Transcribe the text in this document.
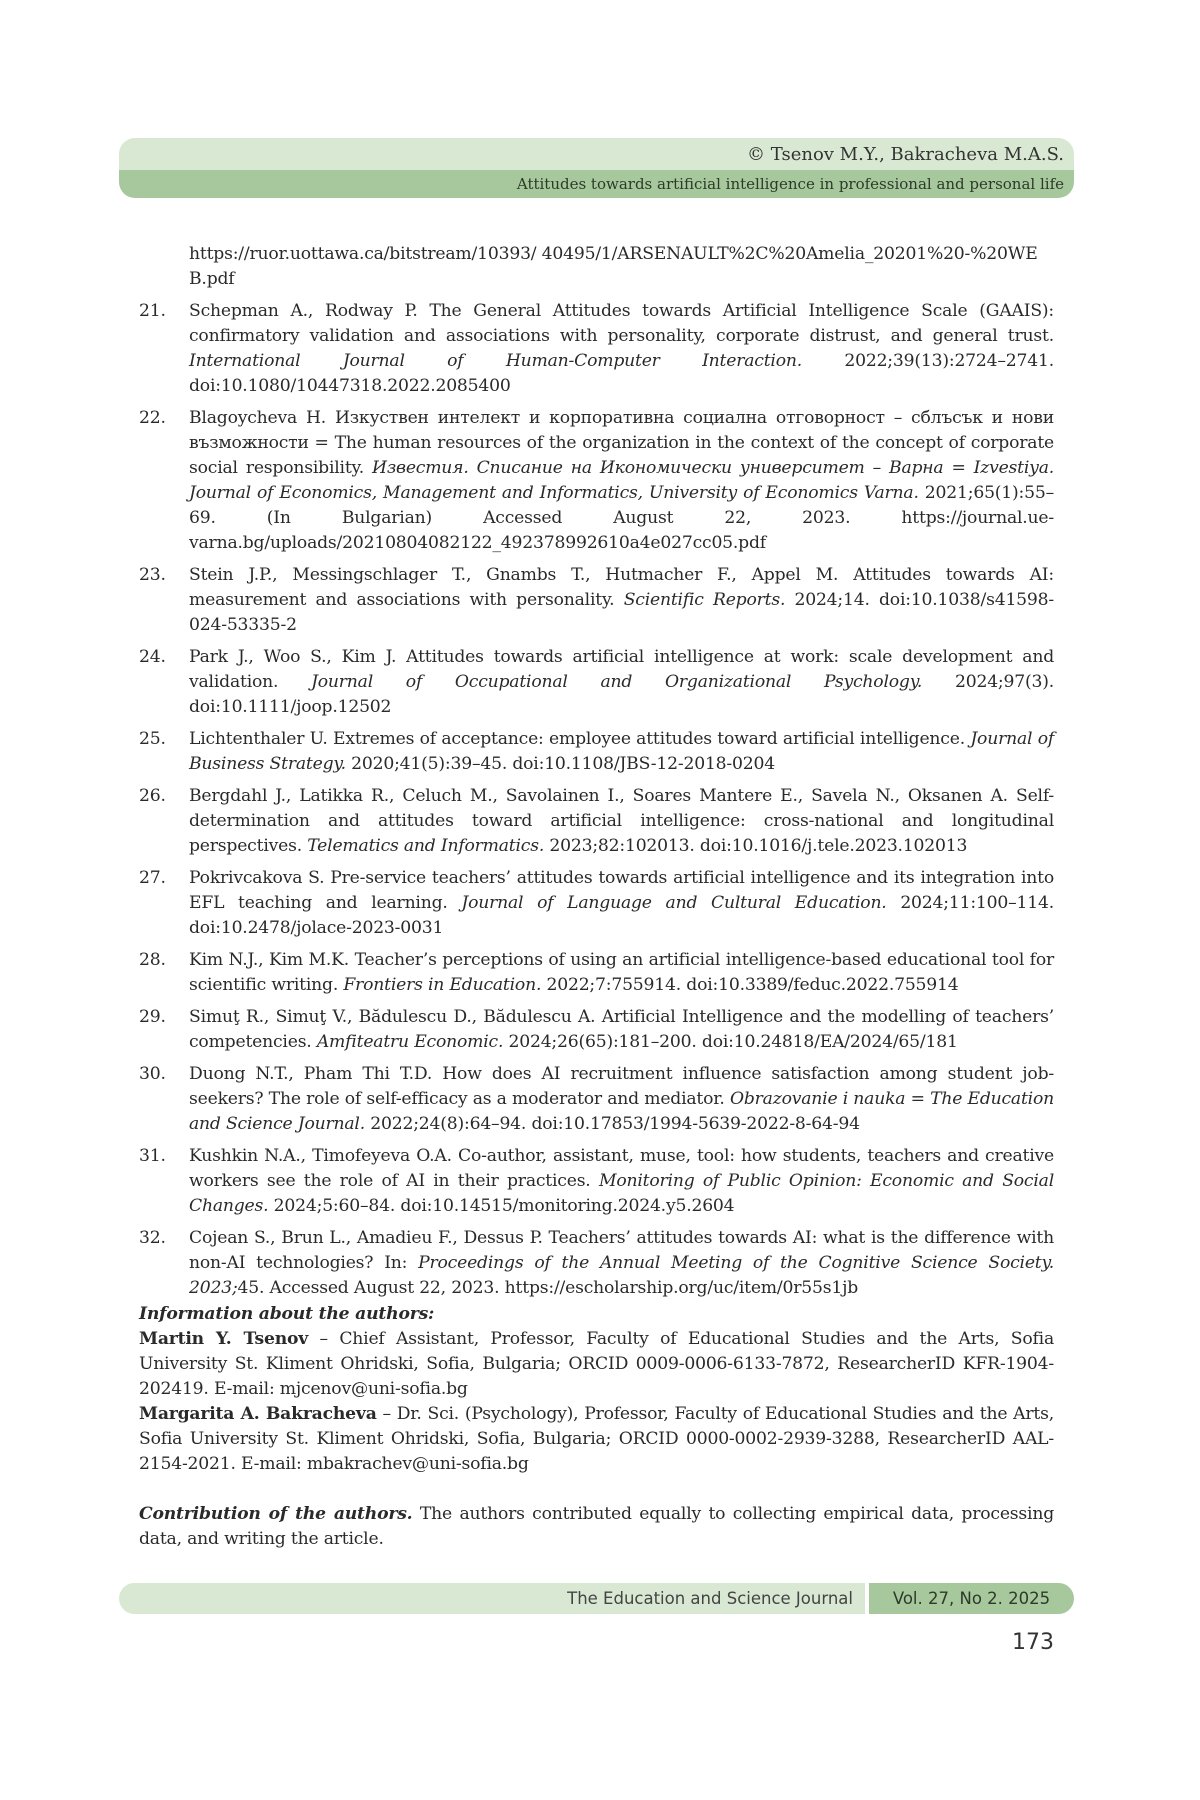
© Tsenov M.Y., Bakracheva M.A.S.
Attitudes towards artificial intelligence in professional and personal life
https://ruor.uottawa.ca/bitstream/10393/ 40495/1/ARSENAULT%2C%20Amelia_20201%20-%20WEB.pdf
21. Schepman A., Rodway P. The General Attitudes towards Artificial Intelligence Scale (GAAIS): confirmatory validation and associations with personality, corporate distrust, and general trust. International Journal of Human-Computer Interaction. 2022;39(13):2724–2741. doi:10.1080/10447318.2022.2085400
22. Blagoycheva H. Изкуствен интелект и корпоративна социална отговорност – сблъсък и нови възможности = The human resources of the organization in the context of the concept of corporate social responsibility. Известия. Списание на Икономически университет – Варна = Izvestiya. Journal of Economics, Management and Informatics, University of Economics Varna. 2021;65(1):55–69. (In Bulgarian) Accessed August 22, 2023. https://journal.ue-varna.bg/uploads/20210804082122_492378992610a4e027cc05.pdf
23. Stein J.P., Messingschlager T., Gnambs T., Hutmacher F., Appel M. Attitudes towards AI: measurement and associations with personality. Scientific Reports. 2024;14. doi:10.1038/s41598-024-53335-2
24. Park J., Woo S., Kim J. Attitudes towards artificial intelligence at work: scale development and validation. Journal of Occupational and Organizational Psychology. 2024;97(3). doi:10.1111/joop.12502
25. Lichtenthaler U. Extremes of acceptance: employee attitudes toward artificial intelligence. Journal of Business Strategy. 2020;41(5):39–45. doi:10.1108/JBS-12-2018-0204
26. Bergdahl J., Latikka R., Celuch M., Savolainen I., Soares Mantere E., Savela N., Oksanen A. Self-determination and attitudes toward artificial intelligence: cross-national and longitudinal perspectives. Telematics and Informatics. 2023;82:102013. doi:10.1016/j.tele.2023.102013
27. Pokrivcakova S. Pre-service teachers’ attitudes towards artificial intelligence and its integration into EFL teaching and learning. Journal of Language and Cultural Education. 2024;11:100–114. doi:10.2478/jolace-2023-0031
28. Kim N.J., Kim M.K. Teacher’s perceptions of using an artificial intelligence-based educational tool for scientific writing. Frontiers in Education. 2022;7:755914. doi:10.3389/feduc.2022.755914
29. Simuţ R., Simuţ V., Bădulescu D., Bădulescu A. Artificial Intelligence and the modelling of teachers’ competencies. Amfiteatru Economic. 2024;26(65):181–200. doi:10.24818/EA/2024/65/181
30. Duong N.T., Pham Thi T.D. How does AI recruitment influence satisfaction among student job-seekers? The role of self-efficacy as a moderator and mediator. Obrazovanie i nauka = The Education and Science Journal. 2022;24(8):64–94. doi:10.17853/1994-5639-2022-8-64-94
31. Kushkin N.A., Timofeyeva O.A. Co-author, assistant, muse, tool: how students, teachers and creative workers see the role of AI in their practices. Monitoring of Public Opinion: Economic and Social Changes. 2024;5:60–84. doi:10.14515/monitoring.2024.y5.2604
32. Cojean S., Brun L., Amadieu F., Dessus P. Teachers’ attitudes towards AI: what is the difference with non-AI technologies? In: Proceedings of the Annual Meeting of the Cognitive Science Society. 2023;45. Accessed August 22, 2023. https://escholarship.org/uc/item/0r55s1jb

Information about the authors:

Martin Y. Tsenov – Chief Assistant, Professor, Faculty of Educational Studies and the Arts, Sofia University St. Kliment Ohridski, Sofia, Bulgaria; ORCID 0009-0006-6133-7872, ResearcherID KFR-1904-202419. E-mail: mjcenov@uni-sofia.bg

Margarita A. Bakracheva – Dr. Sci. (Psychology), Professor, Faculty of Educational Studies and the Arts, Sofia University St. Kliment Ohridski, Sofia, Bulgaria; ORCID 0000-0002-2939-3288, ResearcherID AAL-2154-2021. E-mail: mbakrachev@uni-sofia.bg

Contribution of the authors. The authors contributed equally to collecting empirical data, processing data, and writing the article.

The Education and Science Journal	Vol. 27, No 2. 2025
173
